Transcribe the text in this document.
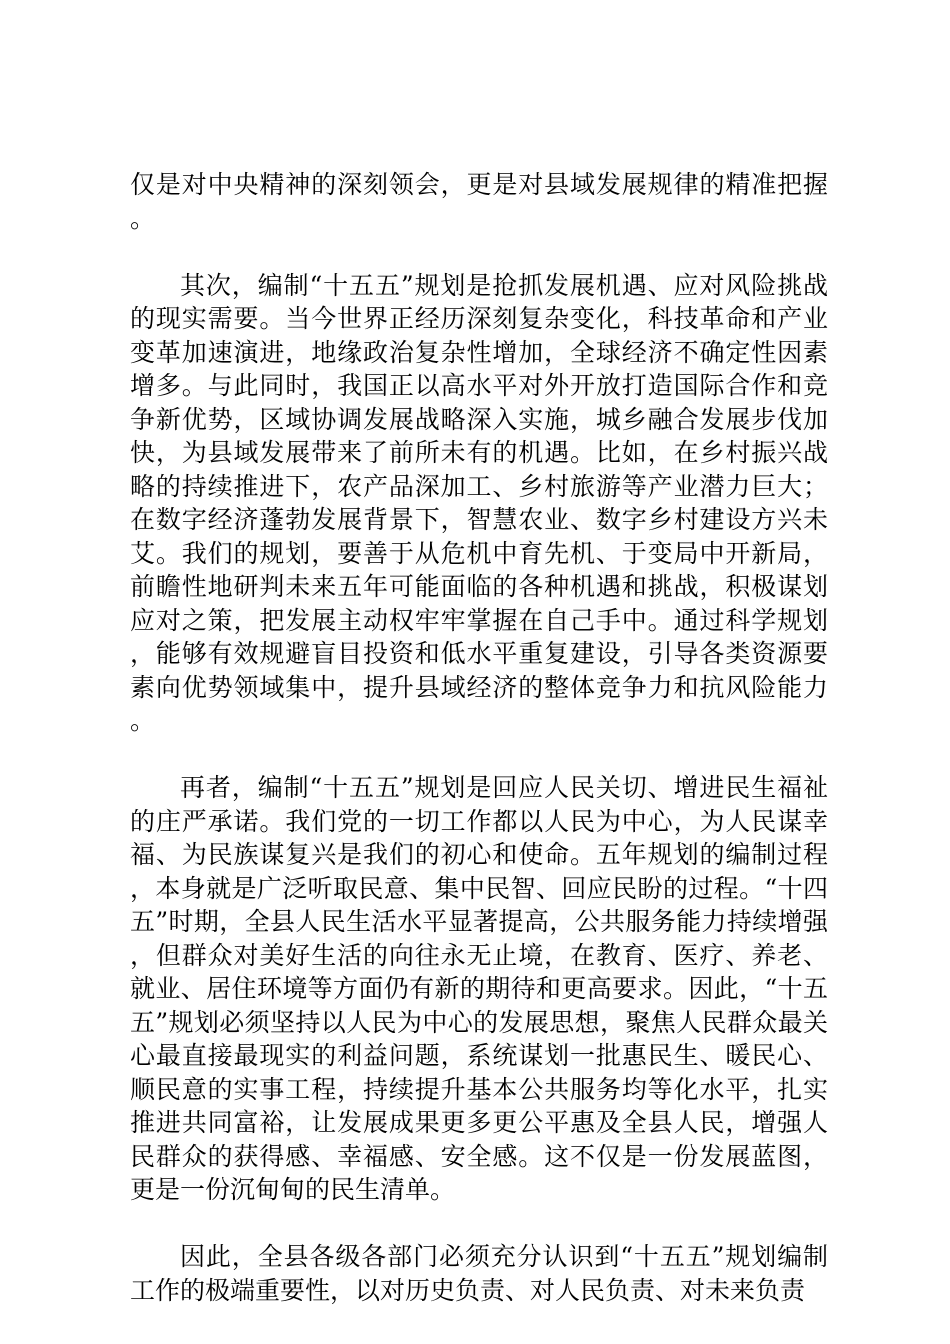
仅是对中央精神的深刻领会，更是对县域发展规律的精准把握。

其次，编制“十五五”规划是抢抓发展机遇、应对风险挑战的现实需要。当今世界正经历深刻复杂变化，科技革命和产业变革加速演进，地缘政治复杂性增加，全球经济不确定性因素增多。与此同时，我国正以高水平对外开放打造国际合作和竞争新优势，区域协调发展战略深入实施，城乡融合发展步伐加快，为县域发展带来了前所未有的机遇。比如，在乡村振兴战略的持续推进下，农产品深加工、乡村旅游等产业潜力巨大；在数字经济蓬勃发展背景下，智慧农业、数字乡村建设方兴未艾。我们的规划，要善于从危机中育先机、于变局中开新局，前瞻性地研判未来五年可能面临的各种机遇和挑战，积极谋划应对之策，把发展主动权牢牢掌握在自己手中。通过科学规划，能够有效规避盲目投资和低水平重复建设，引导各类资源要素向优势领域集中，提升县域经济的整体竞争力和抗风险能力。

再者，编制“十五五”规划是回应人民关切、增进民生福祉的庄严承诺。我们党的一切工作都以人民为中心，为人民谋幸福、为民族谋复兴是我们的初心和使命。五年规划的编制过程，本身就是广泛听取民意、集中民智、回应民盼的过程。“十四五”时期，全县人民生活水平显著提高，公共服务能力持续增强，但群众对美好生活的向往永无止境，在教育、医疗、养老、就业、居住环境等方面仍有新的期待和更高要求。因此，“十五五”规划必须坚持以人民为中心的发展思想，聚焦人民群众最关心最直接最现实的利益问题，系统谋划一批惠民生、暖民心、顺民意的实事工程，持续提升基本公共服务均等化水平，扎实推进共同富裕，让发展成果更多更公平惠及全县人民，增强人民群众的获得感、幸福感、安全感。这不仅是一份发展蓝图，更是一份沉甸甸的民生清单。

因此，全县各级各部门必须充分认识到“十五五”规划编制工作的极端重要性，以对历史负责、对人民负责、对未来负责
